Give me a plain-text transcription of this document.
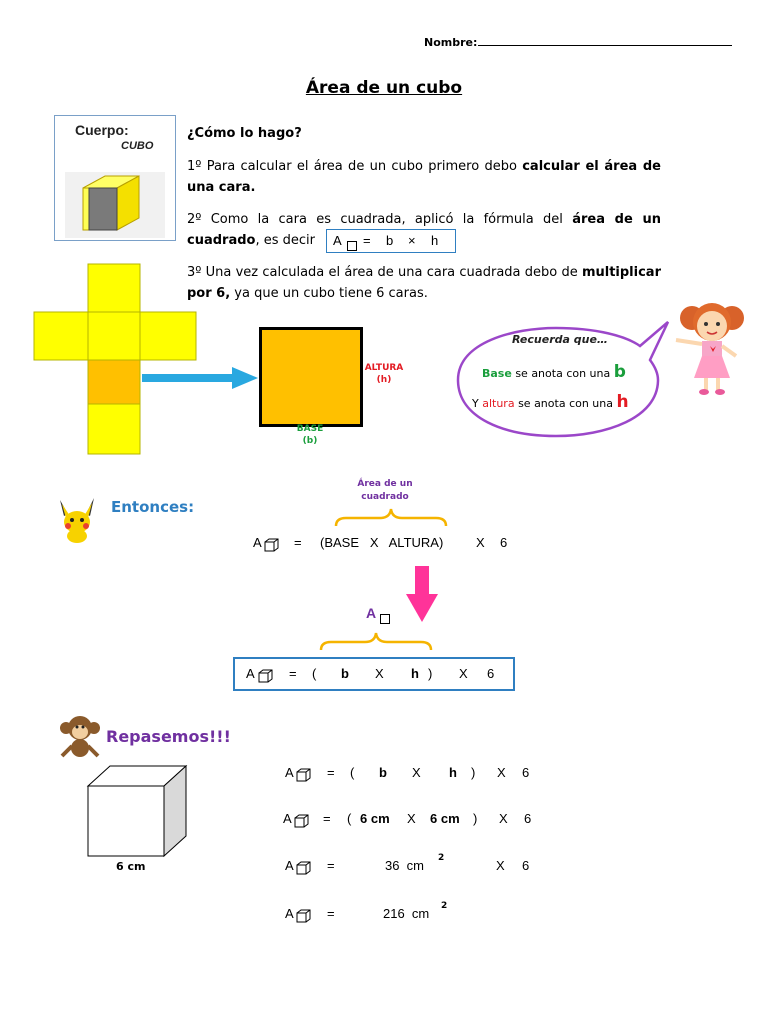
Nombre:
Área de un cubo
Cuerpo:
CUBO
¿Cómo lo hago?
1º Para calcular el área de un cubo primero debo calcular el área de una cara.
2º Como la cara es cuadrada, aplicó la fórmula del área de un cuadrado, es decir	A = b × h
3º Una vez calculada el área de una cara cuadrada debo de multiplicar por 6, ya que un cubo tiene 6 caras.
ALTURA
(h)
BASE
(b)
Recuerda que…
Base se anota con una b
Y altura se anota con una h
Entonces:
Área de un
cuadrado
A = (BASE   X   ALTURA)	X 6
A
A	= ( b X h ) X 6
Repasemos!!!
6 cm
A	= ( b X h ) X 6
A = ( 6 cm X 6 cm ) X 6
A	=	36  cm 2	X 6
A	=	216  cm 2
